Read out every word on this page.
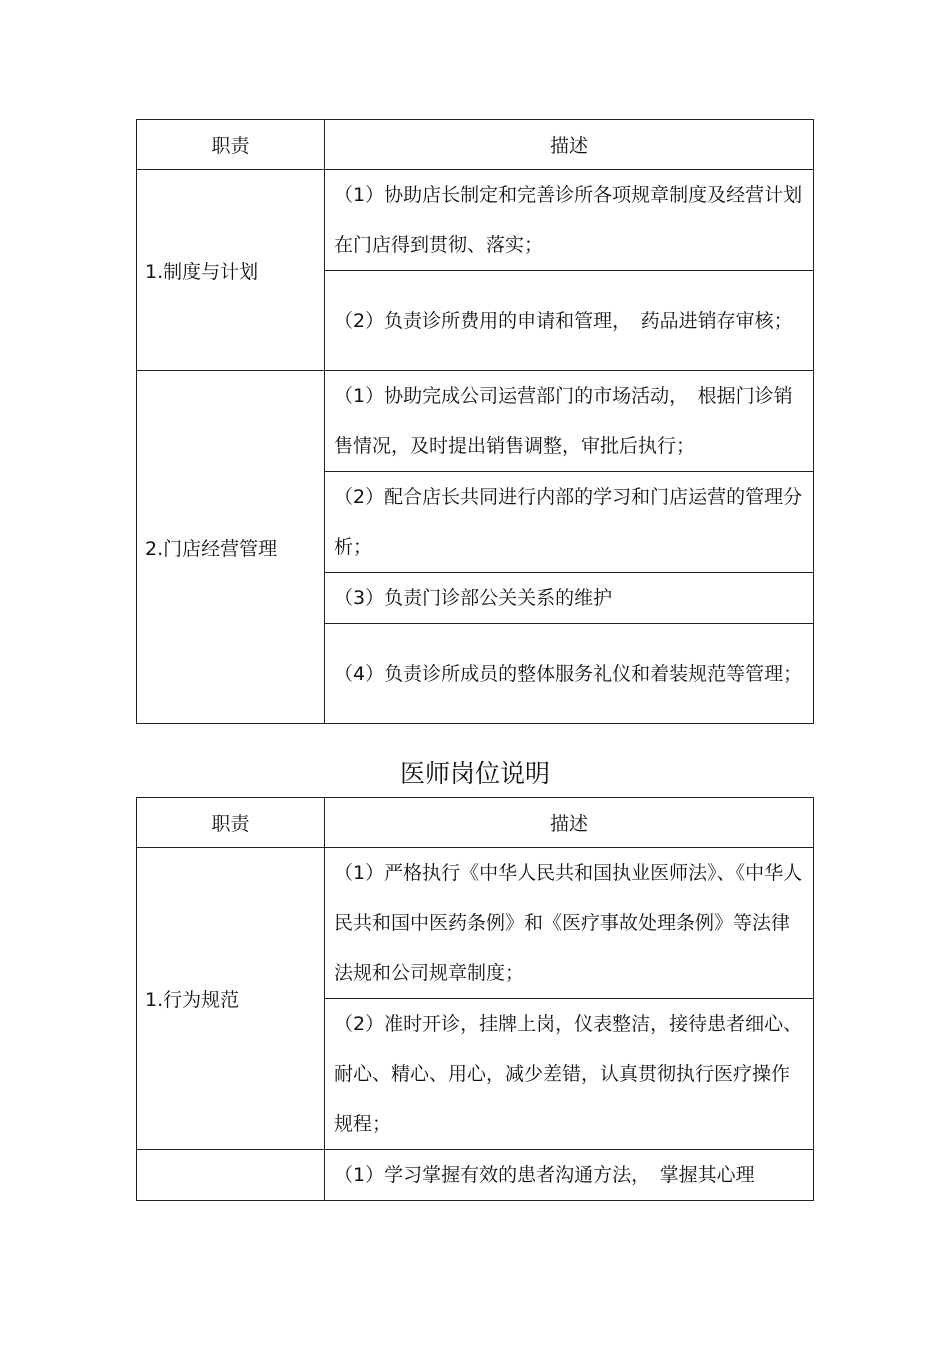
职责	描述
1.制度与计划	（1）协助店长制定和完善诊所各项规章制度及经营计划在门店得到贯彻、落实；
	（2）负责诊所费用的申请和管理，　药品进销存审核；
2.门店经营管理	（1）协助完成公司运营部门的市场活动，　根据门诊销售情况，及时提出销售调整，审批后执行；
	（2）配合店长共同进行内部的学习和门店运营的管理分析；
	（3）负责门诊部公关关系的维护
	（4）负责诊所成员的整体服务礼仪和着装规范等管理；
医师岗位说明
职责	描述
1.行为规范	（1）严格执行《中华人民共和国执业医师法》、《中华人民共和国中医药条例》和《医疗事故处理条例》等法律法规和公司规章制度；
	（2）准时开诊，挂牌上岗，仪表整洁，接待患者细心、耐心、精心、用心，减少差错，认真贯彻执行医疗操作规程；
	（1）学习掌握有效的患者沟通方法，　掌握其心理
